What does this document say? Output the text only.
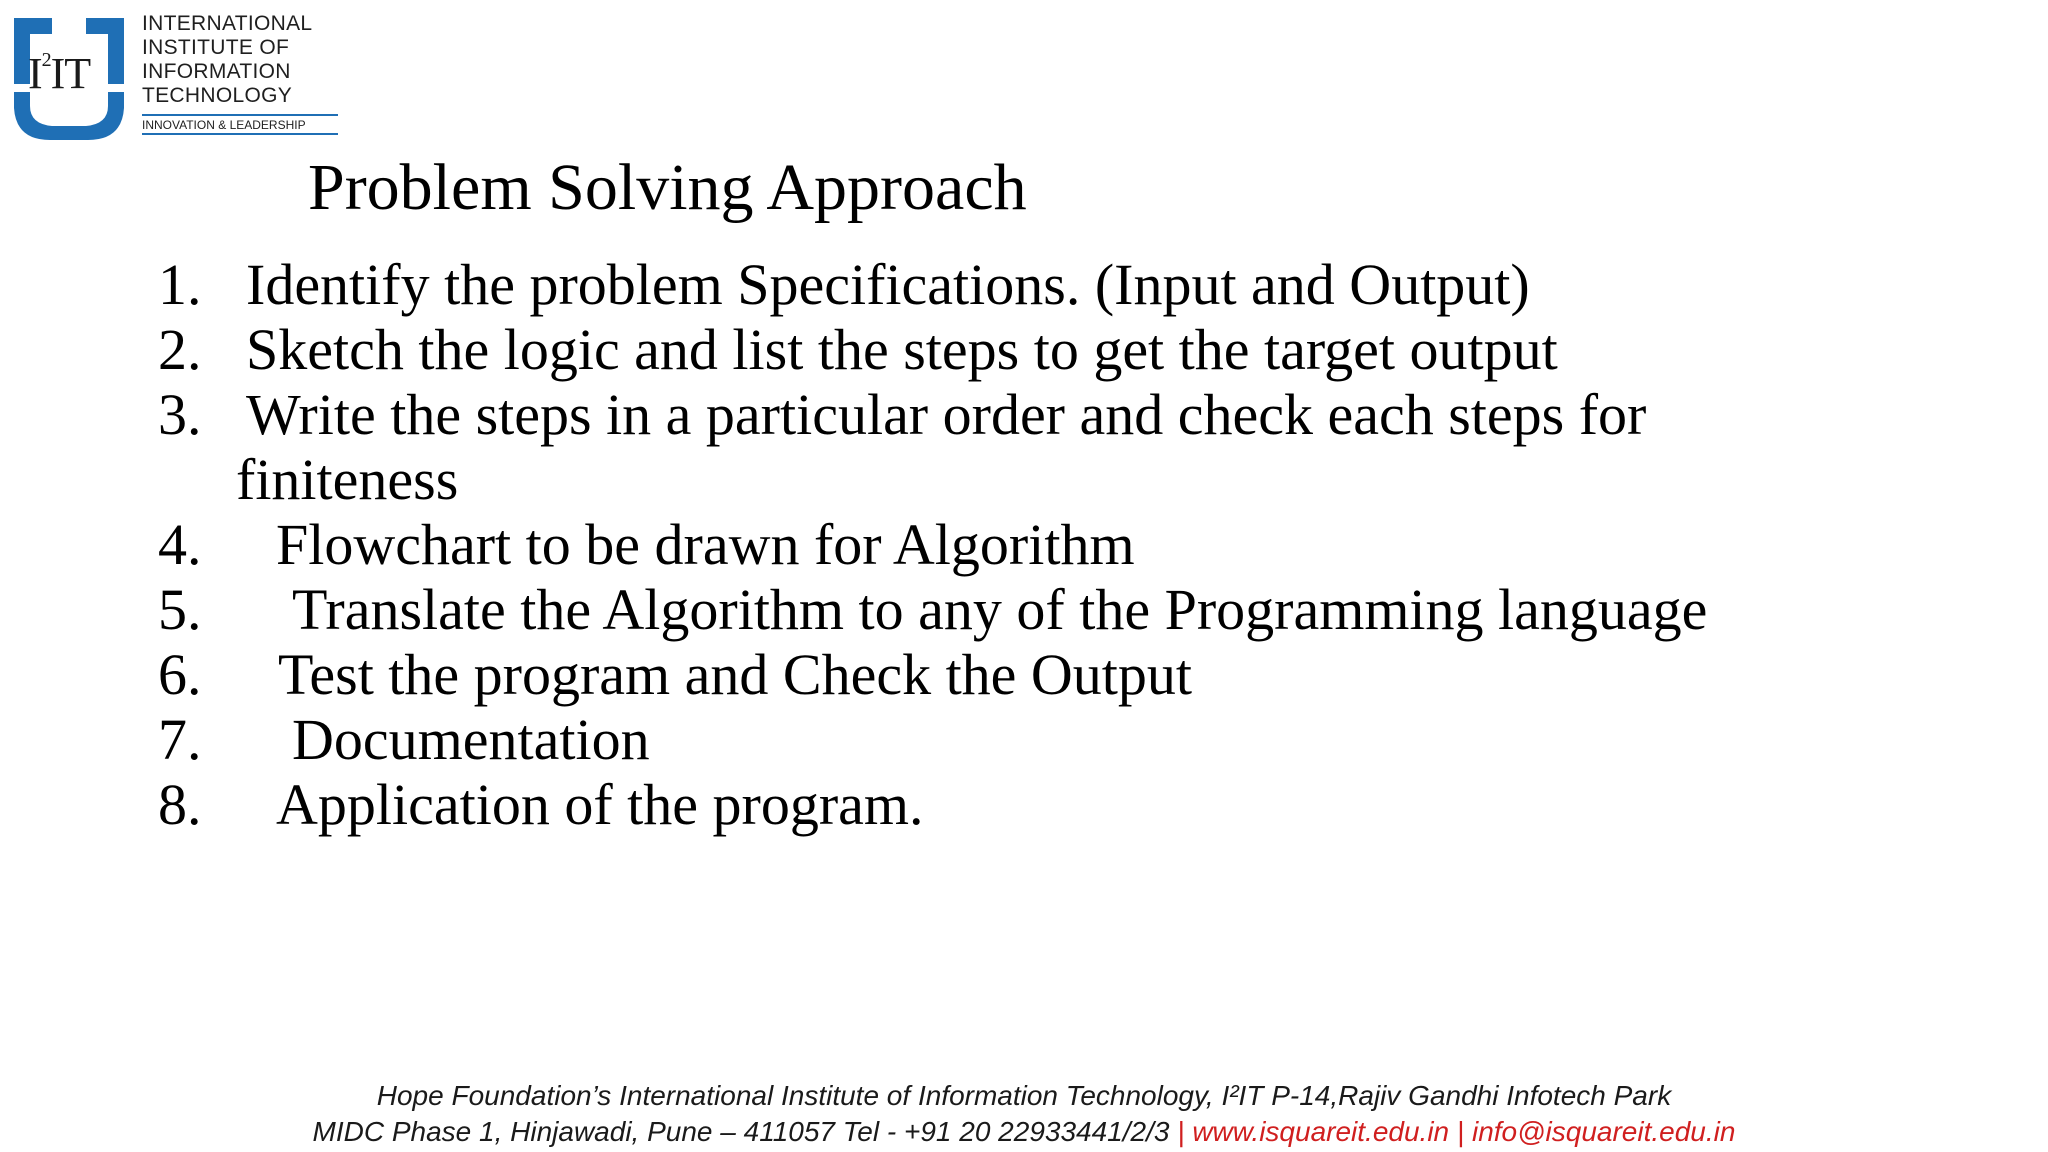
$I^2IT$
INTERNATIONAL
INSTITUTE OF
INFORMATION
TECHNOLOGY
INNOVATION & LEADERSHIP
Problem Solving Approach
1. Identify the problem Specifications. (Input and Output)
2. Sketch the logic and list the steps to get the target output
3. Write the steps in a particular order and check each steps for finiteness
4. Flowchart to be drawn for Algorithm
5. Translate the Algorithm to any of the Programming language
6. Test the program and Check the Output
7. Documentation
8. Application of the program.
Hope Foundation’s International Institute of Information Technology, I²IT P-14,Rajiv Gandhi Infotech Park
MIDC Phase 1, Hinjawadi, Pune – 411057 Tel - +91 20 22933441/2/3 | www.isquareit.edu.in | info@isquareit.edu.in
